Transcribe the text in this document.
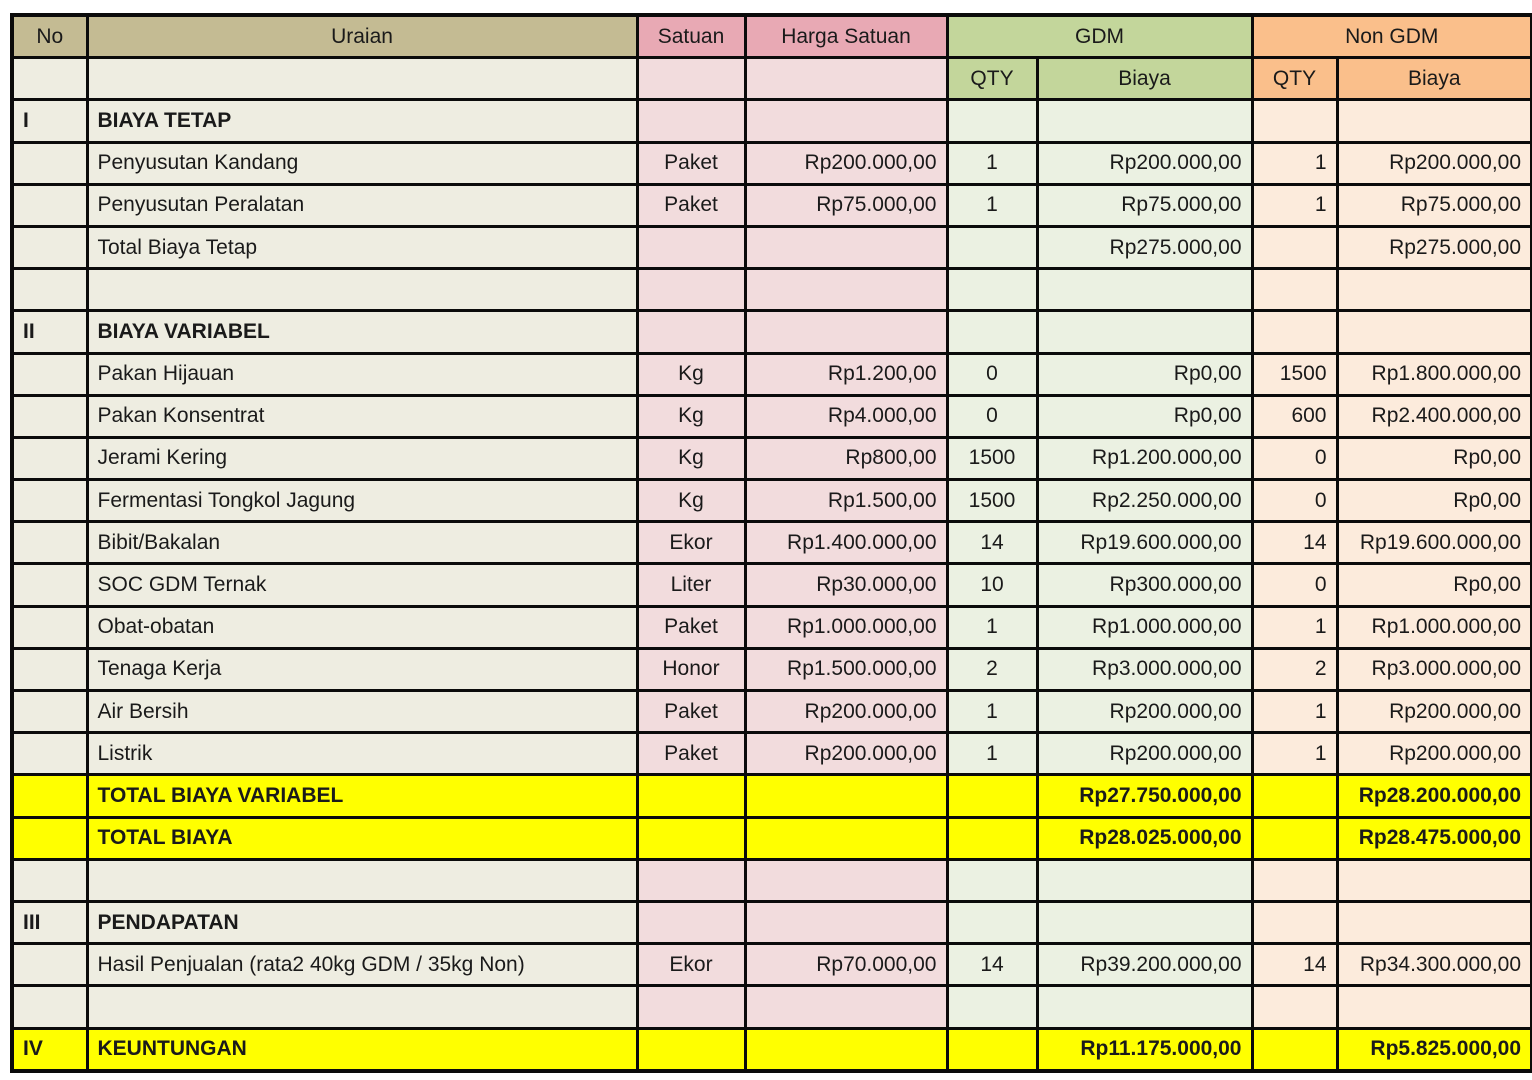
No	Uraian	Satuan	Harga Satuan	GDM		Non GDM	
				QTY	Biaya	QTY	Biaya
I	BIAYA TETAP						
	Penyusutan Kandang	Paket	Rp200.000,00	1	Rp200.000,00	1	Rp200.000,00
	Penyusutan Peralatan	Paket	Rp75.000,00	1	Rp75.000,00	1	Rp75.000,00
	Total Biaya Tetap				Rp275.000,00		Rp275.000,00

II	BIAYA VARIABEL						
	Pakan Hijauan	Kg	Rp1.200,00	0	Rp0,00	1500	Rp1.800.000,00
	Pakan Konsentrat	Kg	Rp4.000,00	0	Rp0,00	600	Rp2.400.000,00
	Jerami Kering	Kg	Rp800,00	1500	Rp1.200.000,00	0	Rp0,00
	Fermentasi Tongkol Jagung	Kg	Rp1.500,00	1500	Rp2.250.000,00	0	Rp0,00
	Bibit/Bakalan	Ekor	Rp1.400.000,00	14	Rp19.600.000,00	14	Rp19.600.000,00
	SOC GDM Ternak	Liter	Rp30.000,00	10	Rp300.000,00	0	Rp0,00
	Obat-obatan	Paket	Rp1.000.000,00	1	Rp1.000.000,00	1	Rp1.000.000,00
	Tenaga Kerja	Honor	Rp1.500.000,00	2	Rp3.000.000,00	2	Rp3.000.000,00
	Air Bersih	Paket	Rp200.000,00	1	Rp200.000,00	1	Rp200.000,00
	Listrik	Paket	Rp200.000,00	1	Rp200.000,00	1	Rp200.000,00
	TOTAL BIAYA VARIABEL				Rp27.750.000,00		Rp28.200.000,00
	TOTAL BIAYA				Rp28.025.000,00		Rp28.475.000,00

III	PENDAPATAN						
	Hasil Penjualan (rata2 40kg GDM / 35kg Non)	Ekor	Rp70.000,00	14	Rp39.200.000,00	14	Rp34.300.000,00

IV	KEUNTUNGAN				Rp11.175.000,00		Rp5.825.000,00
